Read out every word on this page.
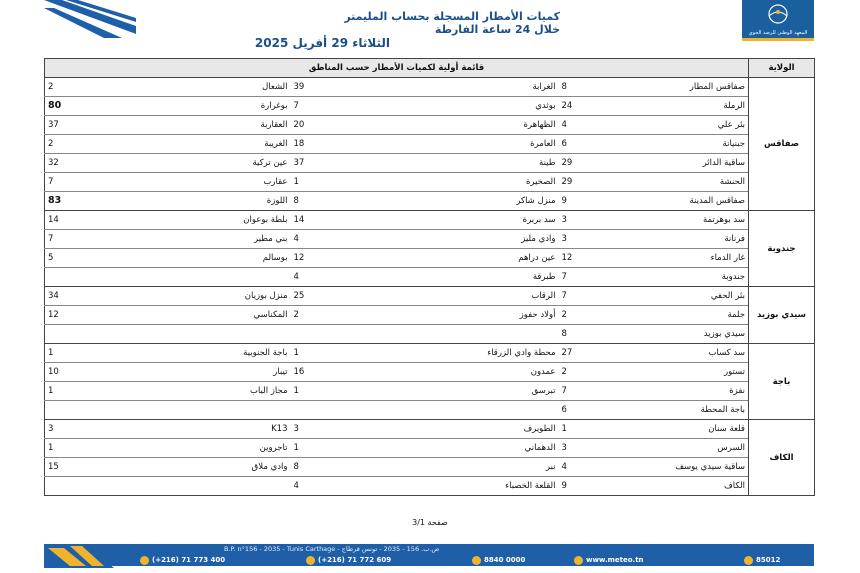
كميات الأمطار المسجلة بحساب المليمتر
خلال 24 ساعة الفارطة
الثلاثاء 29 أفريل 2025
المعهد الوطني للرصد الجوي
الولاية	قائمة أولية لكميات الأمطار حسب المناطق					
صفاقس	صفاقس المطار	8	الغرابة	39	الشعال	2
	الرملة	24	بوثدي	7	بوغرارة	80
	بئر علي	4	الظهاهرة	20	العقاربة	37
	جبنيانة	6	العامرة	18	الغريبة	2
	ساقية الدائر	29	طينة	37	عين تركية	32
	الحنشة	29	الصخيرة	1	عقارب	7
	صفاقس المدينة	9	منزل شاكر	8	اللوزة	83
جندوبة	سد بوهرتمة	3	سد بربرة	14	بلطة بوعوان	14
	فرنانة	3	وادي مليز	4	بني مطير	7
	غار الدماء	12	عين دراهم	12	بوسالم	5
	جندوبة	7	طبرقة	4		
سيدي بوزيد	بئر الحفي	7	الرقاب	25	منزل بوزيان	34
	جلمة	2	أولاد حفوز	2	المكناسي	12
	سيدي بوزيد	8				
باجة	سد كساب	27	محطة وادي الزرقاء	1	باجة الجنوبية	1
	تستور	2	عمدون	16	تيبار	10
	نفزة	7	تبرسق	1	مجاز الباب	1
	باجة المحطة	6				
الكاف	قلعة سنان	1	الطويرف	3	K13	3
	السرس	3	الدهماني	1	تاجروين	1
	ساقية سيدي يوسف	4	نبر	8	وادي ملاق	15
	الكاف	9	القلعة الخصباء	4		
صفحة 3/1
B.P. n°156 - 2035 - Tunis Carthage - ص.ب. 156 - 2035 - تونس قرطاج
(+216) 71 773 400	(+216) 71 772 609	8840 0000	www.meteo.tn	85012
